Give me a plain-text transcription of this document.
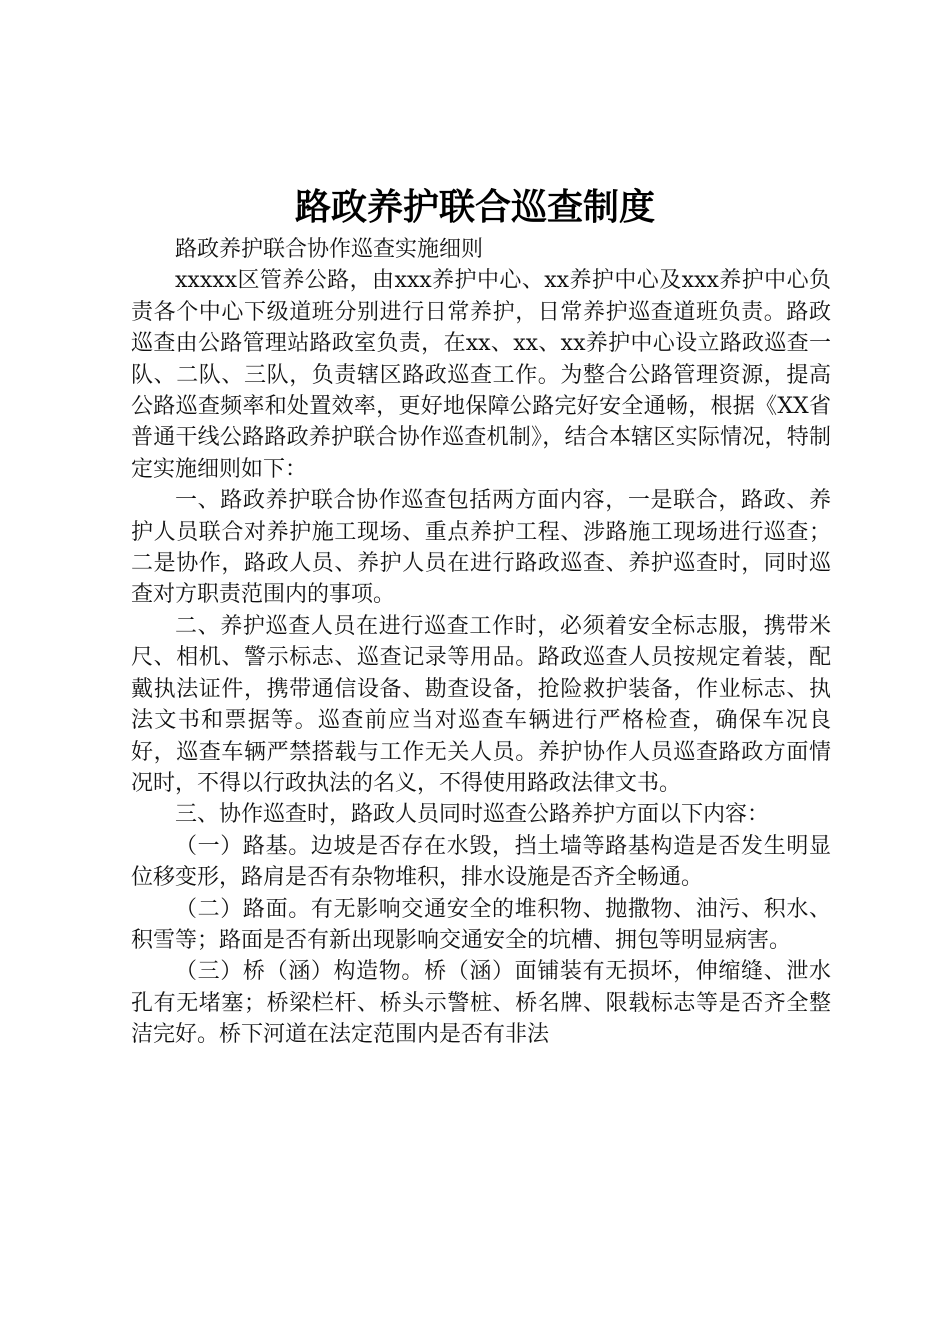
路政养护联合巡查制度

路政养护联合协作巡查实施细则

xxxxx区管养公路，由xxx养护中心、xx养护中心及xxx养护中心负责各个中心下级道班分别进行日常养护，日常养护巡查道班负责。路政巡查由公路管理站路政室负责，在xx、xx、xx养护中心设立路政巡查一队、二队、三队，负责辖区路政巡查工作。为整合公路管理资源，提高公路巡查频率和处置效率，更好地保障公路完好安全通畅，根据《XX省普通干线公路路政养护联合协作巡查机制》，结合本辖区实际情况，特制定实施细则如下：

一、路政养护联合协作巡查包括两方面内容，一是联合，路政、养护人员联合对养护施工现场、重点养护工程、涉路施工现场进行巡查；二是协作，路政人员、养护人员在进行路政巡查、养护巡查时，同时巡查对方职责范围内的事项。

二、养护巡查人员在进行巡查工作时，必须着安全标志服，携带米尺、相机、警示标志、巡查记录等用品。路政巡查人员按规定着装，配戴执法证件，携带通信设备、勘查设备，抢险救护装备，作业标志、执法文书和票据等。巡查前应当对巡查车辆进行严格检查，确保车况良好，巡查车辆严禁搭载与工作无关人员。养护协作人员巡查路政方面情况时，不得以行政执法的名义，不得使用路政法律文书。

三、协作巡查时，路政人员同时巡查公路养护方面以下内容：

（一）路基。边坡是否存在水毁，挡土墙等路基构造是否发生明显位移变形，路肩是否有杂物堆积，排水设施是否齐全畅通。

（二）路面。有无影响交通安全的堆积物、抛撒物、油污、积水、积雪等；路面是否有新出现影响交通安全的坑槽、拥包等明显病害。

（三）桥（涵）构造物。桥（涵）面铺装有无损坏，伸缩缝、泄水孔有无堵塞；桥梁栏杆、桥头示警桩、桥名牌、限载标志等是否齐全整洁完好。桥下河道在法定范围内是否有非法
